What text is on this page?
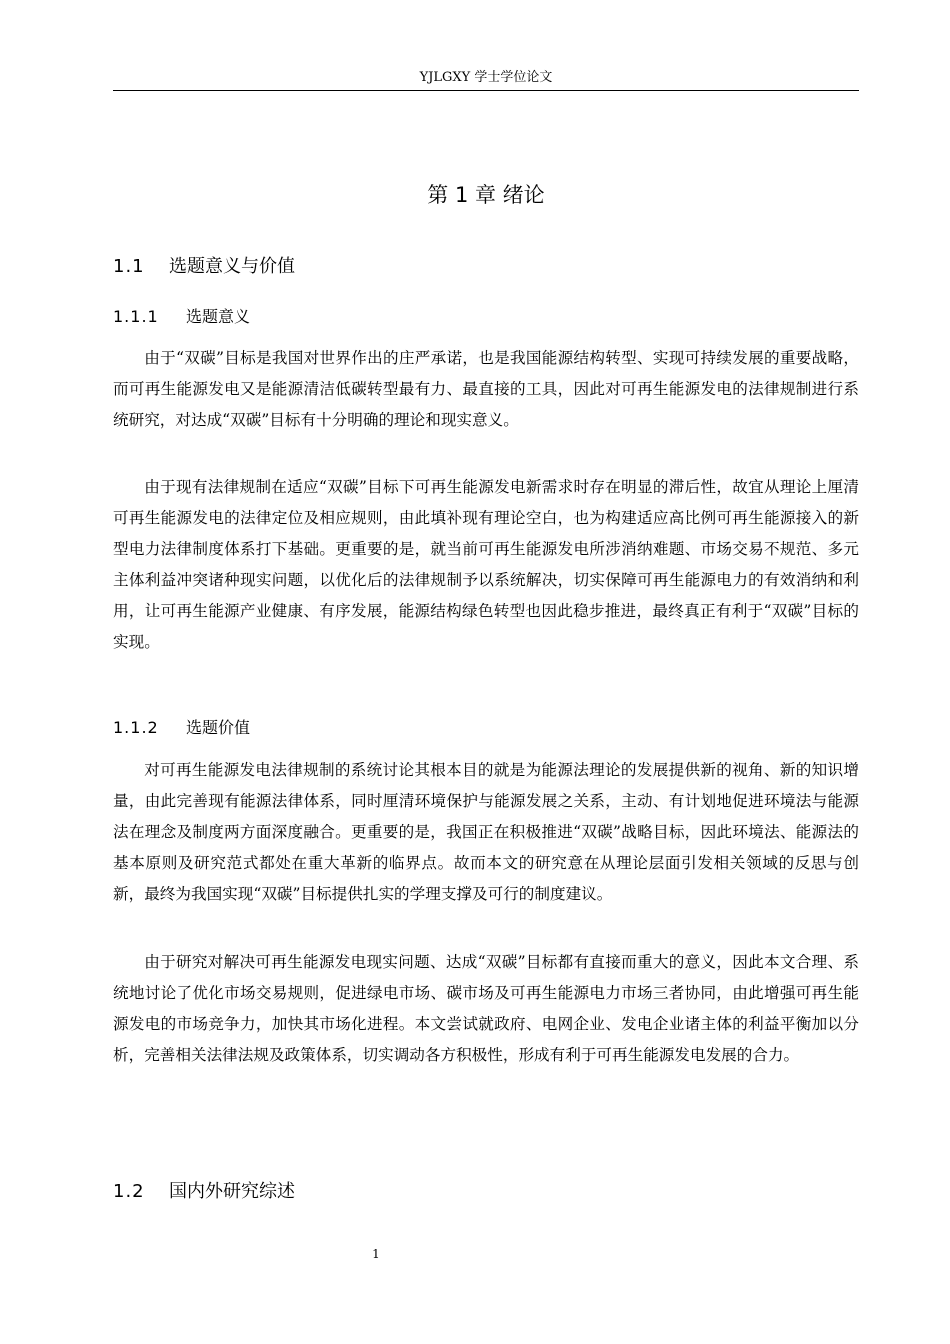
YJLGXY 学士学位论文
第 1 章 绪论
1.1 选题意义与价值
1.1.1 选题意义

由于“双碳”目标是我国对世界作出的庄严承诺，也是我国能源结构转型、实现可持续发展的重要战略，而可再生能源发电又是能源清洁低碳转型最有力、最直接的工具，因此对可再生能源发电的法律规制进行系统研究，对达成“双碳”目标有十分明确的理论和现实意义。

由于现有法律规制在适应“双碳”目标下可再生能源发电新需求时存在明显的滞后性，故宜从理论上厘清可再生能源发电的法律定位及相应规则，由此填补现有理论空白，也为构建适应高比例可再生能源接入的新型电力法律制度体系打下基础。更重要的是，就当前可再生能源发电所涉消纳难题、市场交易不规范、多元主体利益冲突诸种现实问题，以优化后的法律规制予以系统解决，切实保障可再生能源电力的有效消纳和利用，让可再生能源产业健康、有序发展，能源结构绿色转型也因此稳步推进，最终真正有利于“双碳”目标的实现。

1.1.2 选题价值

对可再生能源发电法律规制的系统讨论其根本目的就是为能源法理论的发展提供新的视角、新的知识增量，由此完善现有能源法律体系，同时厘清环境保护与能源发展之关系，主动、有计划地促进环境法与能源法在理念及制度两方面深度融合。更重要的是，我国正在积极推进“双碳”战略目标，因此环境法、能源法的基本原则及研究范式都处在重大革新的临界点。故而本文的研究意在从理论层面引发相关领域的反思与创新，最终为我国实现“双碳”目标提供扎实的学理支撑及可行的制度建议。

由于研究对解决可再生能源发电现实问题、达成“双碳”目标都有直接而重大的意义，因此本文合理、系统地讨论了优化市场交易规则，促进绿电市场、碳市场及可再生能源电力市场三者协同，由此增强可再生能源发电的市场竞争力，加快其市场化进程。本文尝试就政府、电网企业、发电企业诸主体的利益平衡加以分析，完善相关法律法规及政策体系，切实调动各方积极性，形成有利于可再生能源发电发展的合力。

1.2 国内外研究综述
1
